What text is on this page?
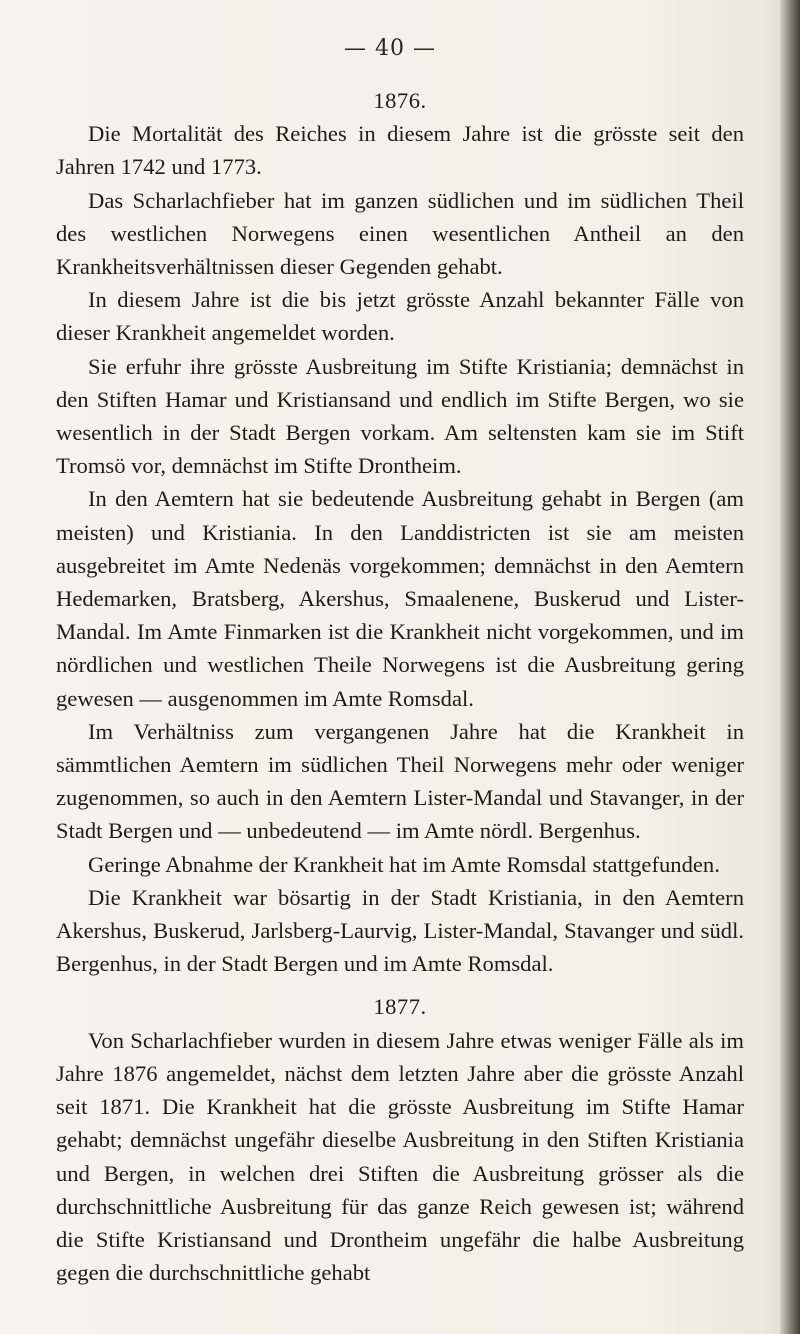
— 40 —

1876.

Die Mortalität des Reiches in diesem Jahre ist die grösste seit den Jahren 1742 und 1773.

Das Scharlachfieber hat im ganzen südlichen und im südlichen Theil des westlichen Norwegens einen wesentlichen Antheil an den Krankheitsverhältnissen dieser Gegenden gehabt.

In diesem Jahre ist die bis jetzt grösste Anzahl bekannter Fälle von dieser Krankheit angemeldet worden.

Sie erfuhr ihre grösste Ausbreitung im Stifte Kristiania; demnächst in den Stiften Hamar und Kristiansand und endlich im Stifte Bergen, wo sie wesentlich in der Stadt Bergen vorkam. Am seltensten kam sie im Stift Tromsö vor, demnächst im Stifte Drontheim.

In den Aemtern hat sie bedeutende Ausbreitung gehabt in Bergen (am meisten) und Kristiania. In den Landdistricten ist sie am meisten ausgebreitet im Amte Nedenäs vorgekommen; demnächst in den Aemtern Hedemarken, Bratsberg, Akershus, Smaalenene, Buskerud und Lister-Mandal. Im Amte Finmarken ist die Krankheit nicht vorgekommen, und im nördlichen und westlichen Theile Norwegens ist die Ausbreitung gering gewesen — ausgenommen im Amte Romsdal.

Im Verhältniss zum vergangenen Jahre hat die Krankheit in sämmtlichen Aemtern im südlichen Theil Norwegens mehr oder weniger zugenommen, so auch in den Aemtern Lister-Mandal und Stavanger, in der Stadt Bergen und — unbedeutend — im Amte nördl. Bergenhus.

Geringe Abnahme der Krankheit hat im Amte Romsdal stattgefunden.

Die Krankheit war bösartig in der Stadt Kristiania, in den Aemtern Akershus, Buskerud, Jarlsberg-Laurvig, Lister-Mandal, Stavanger und südl. Bergenhus, in der Stadt Bergen und im Amte Romsdal.

1877.

Von Scharlachfieber wurden in diesem Jahre etwas weniger Fälle als im Jahre 1876 angemeldet, nächst dem letzten Jahre aber die grösste Anzahl seit 1871. Die Krankheit hat die grösste Ausbreitung im Stifte Hamar gehabt; demnächst ungefähr dieselbe Ausbreitung in den Stiften Kristiania und Bergen, in welchen drei Stiften die Ausbreitung grösser als die durchschnittliche Ausbreitung für das ganze Reich gewesen ist; während die Stifte Kristiansand und Drontheim ungefähr die halbe Ausbreitung gegen die durchschnittliche gehabt
